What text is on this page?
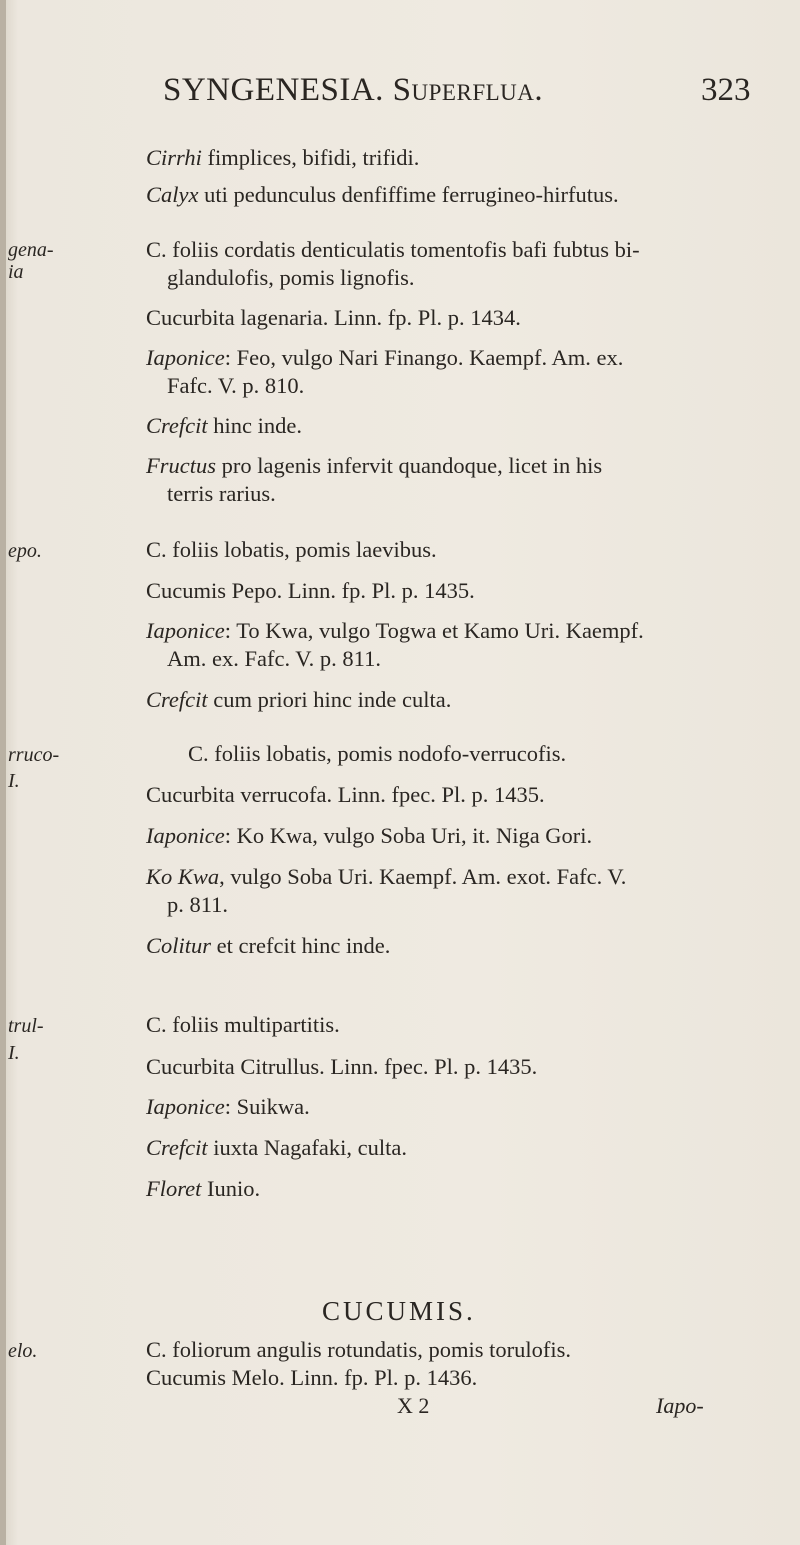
SYNGENESIA. Superflua.	323
Cirrhi fimplices, bifidi, trifidi.
Calyx uti pedunculus denfiffime ferrugineo-hirfutus.
gena-
ia
C. foliis cordatis denticulatis tomentofis bafi fubtus bi-
glandulofis, pomis lignofis.
Cucurbita lagenaria. Linn. fp. Pl. p. 1434.
Iaponice: Feo, vulgo Nari Finango. Kaempf. Am. ex.
Fafc. V. p. 810.
Crefcit hinc inde.
Fructus pro lagenis infervit quandoque, licet in his
terris rarius.
epo.	C. foliis lobatis, pomis laevibus.
Cucumis Pepo. Linn. fp. Pl. p. 1435.
Iaponice: To Kwa, vulgo Togwa et Kamo Uri. Kaempf.
Am. ex. Fafc. V. p. 811.
Crefcit cum priori hinc inde culta.
rruco-
I.
C. foliis lobatis, pomis nodofo-verrucofis.
Cucurbita verrucofa. Linn. fpec. Pl. p. 1435.
Iaponice: Ko Kwa, vulgo Soba Uri, it. Niga Gori.
Ko Kwa, vulgo Soba Uri. Kaempf. Am. exot. Fafc. V.
p. 811.
Colitur et crefcit hinc inde.
trul-
I.
C. foliis multipartitis.
Cucurbita Citrullus. Linn. fpec. Pl. p. 1435.
Iaponice: Suikwa.
Crefcit iuxta Nagafaki, culta.
Floret Iunio.
CUCUMIS.
elo.	C. foliorum angulis rotundatis, pomis torulofis.
Cucumis Melo. Linn. fp. Pl. p. 1436.
X 2	Iapo-
